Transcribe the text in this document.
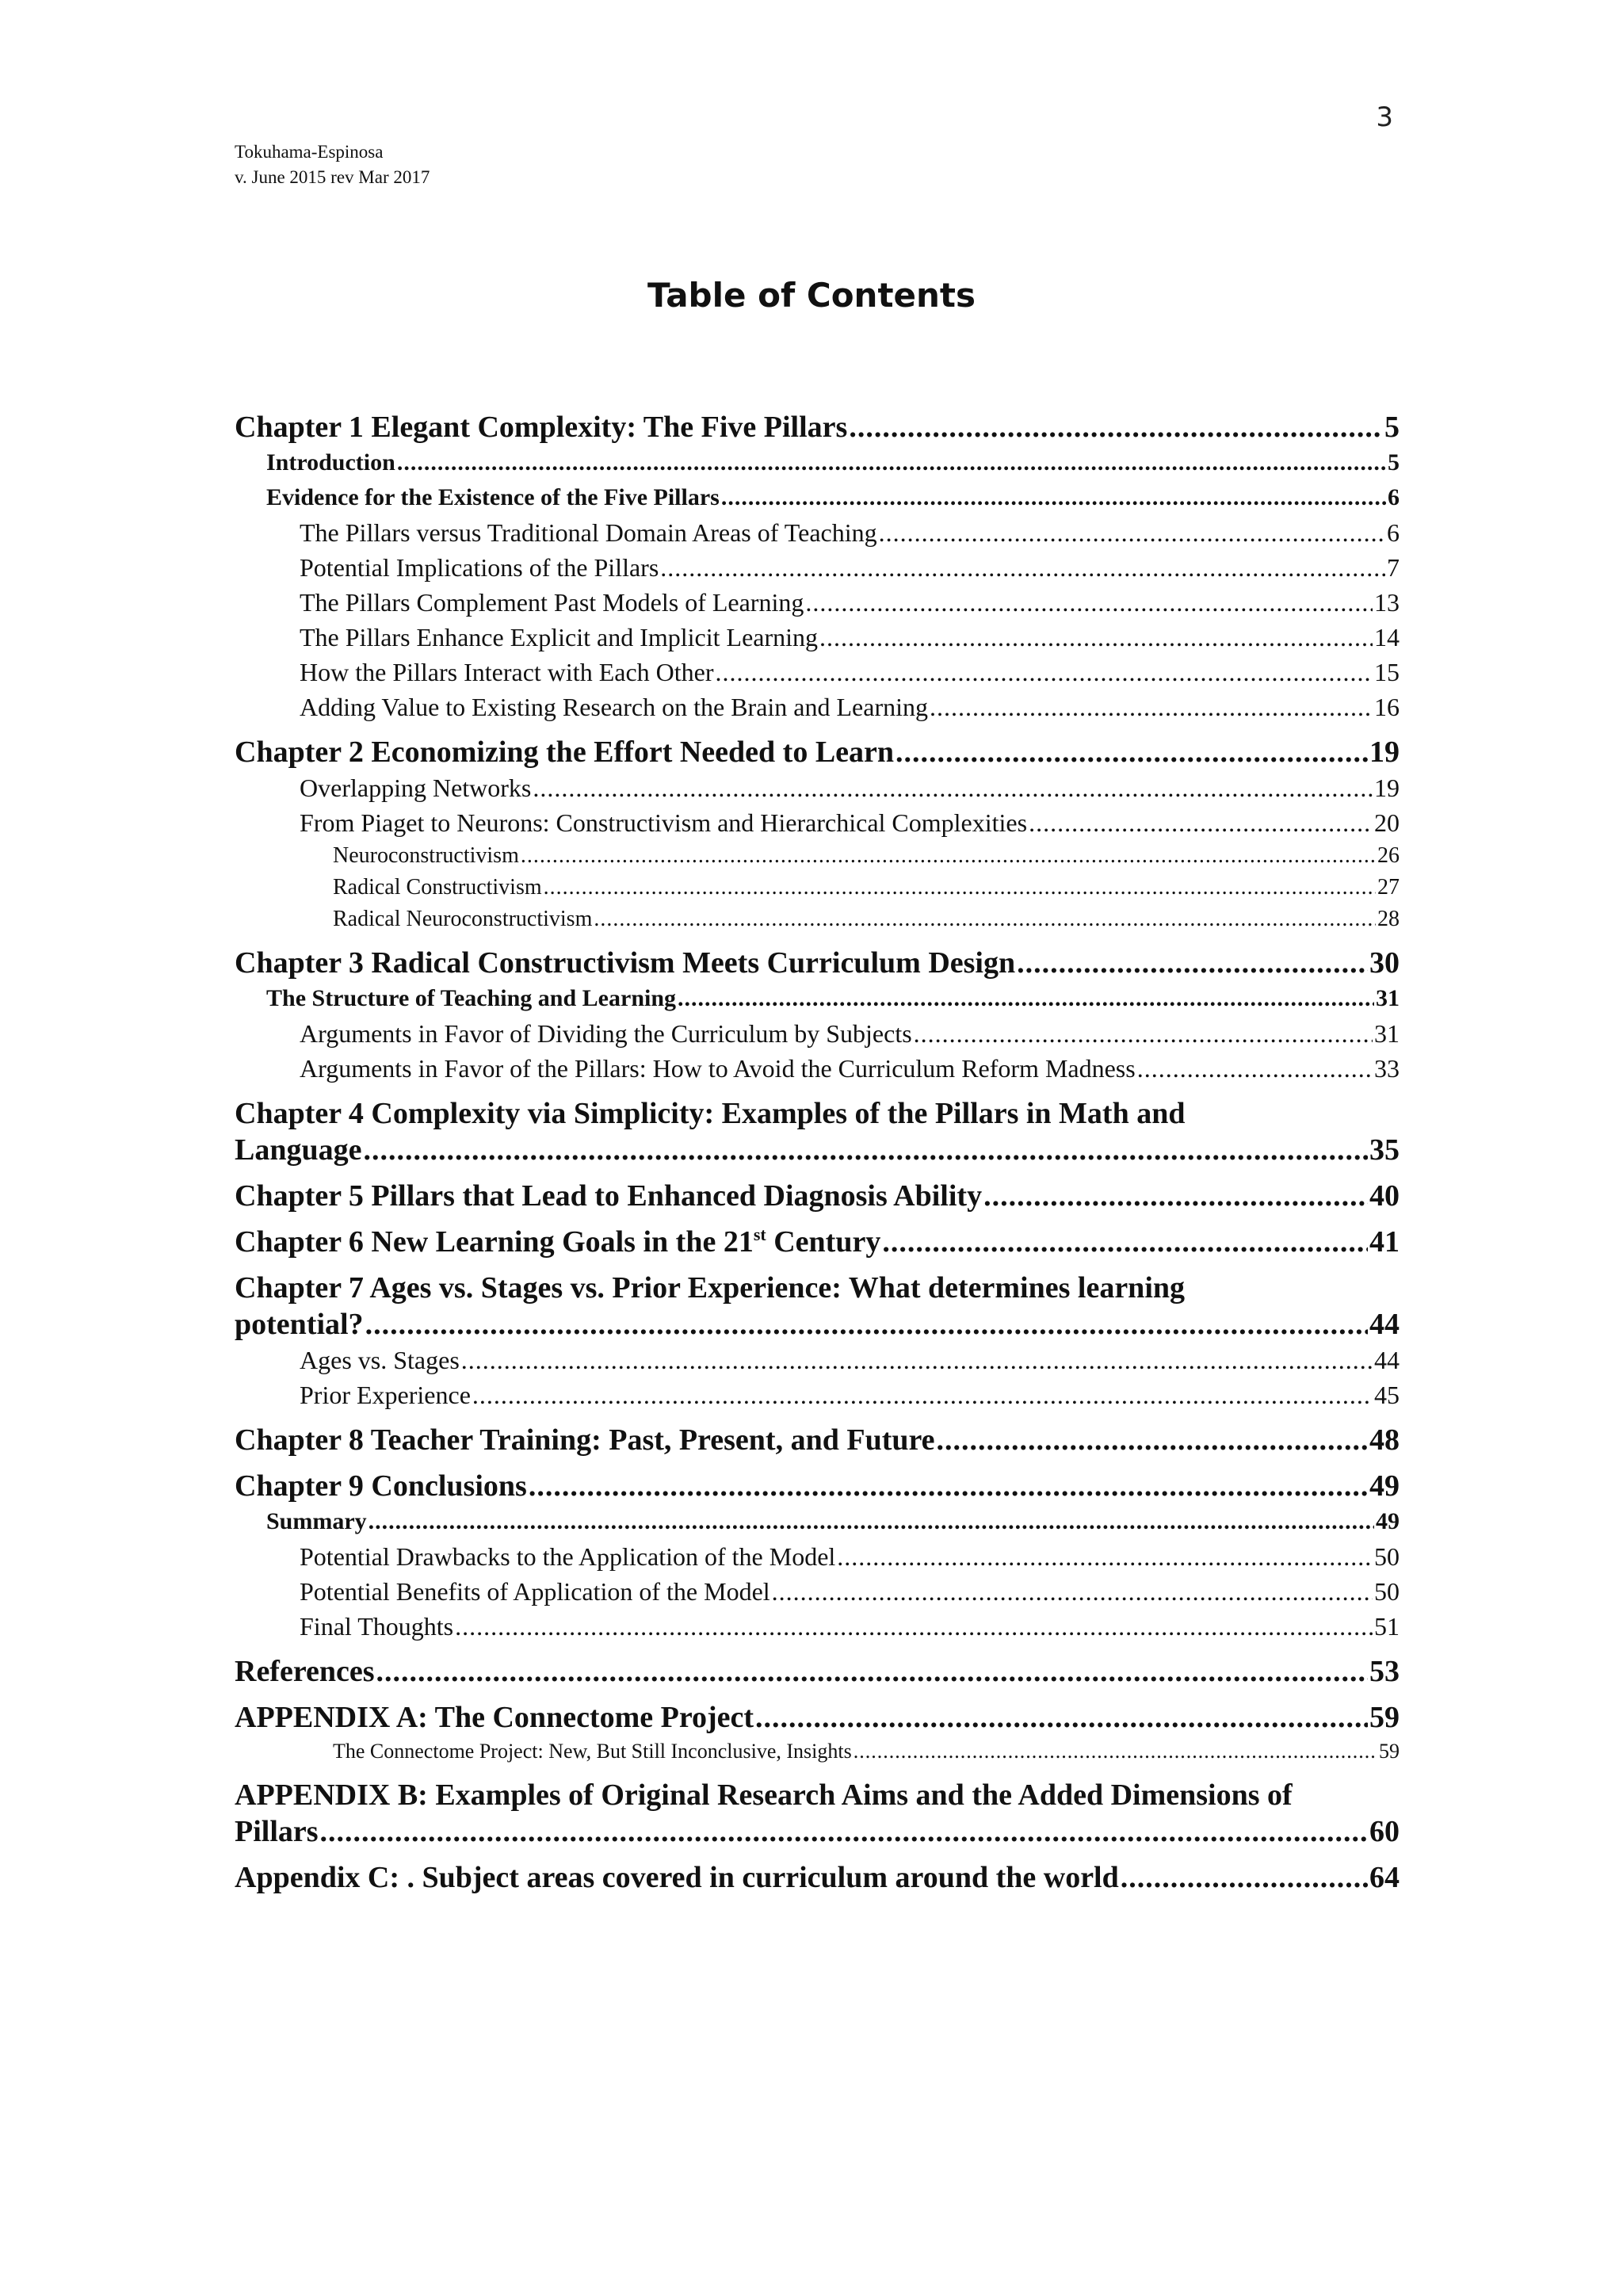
3
Tokuhama-Espinosa
v. June 2015 rev Mar 2017
Table of Contents
Chapter 1 Elegant Complexity: The Five Pillars .....	5
Introduction .....	5
Evidence for the Existence of the Five Pillars .....	6
The Pillars versus Traditional Domain Areas of Teaching .....	6
Potential Implications of the Pillars .....	7
The Pillars Complement Past Models of Learning .....	13
The Pillars Enhance Explicit and Implicit Learning .....	14
How the Pillars Interact with Each Other .....	15
Adding Value to Existing Research on the Brain and Learning .....	16
Chapter 2 Economizing the Effort Needed to Learn .....	19
Overlapping Networks .....	19
From Piaget to Neurons: Constructivism and Hierarchical Complexities .....	20
Neuroconstructivism .....	26
Radical Constructivism .....	27
Radical Neuroconstructivism .....	28
Chapter 3 Radical Constructivism Meets Curriculum Design .....	30
The Structure of Teaching and Learning .....	31
Arguments in Favor of Dividing the Curriculum by Subjects .....	31
Arguments in Favor of the Pillars: How to Avoid the Curriculum Reform Madness .....	33
Chapter 4 Complexity via Simplicity: Examples of the Pillars in Math and
Language .....	35
Chapter 5 Pillars that Lead to Enhanced Diagnosis Ability .....	40
Chapter 6 New Learning Goals in the 21st Century .....	41
Chapter 7 Ages vs. Stages vs. Prior Experience: What determines learning
potential? .....	44
Ages vs. Stages .....	44
Prior Experience .....	45
Chapter 8 Teacher Training: Past, Present, and Future .....	48
Chapter 9 Conclusions .....	49
Summary .....	49
Potential Drawbacks to the Application of the Model .....	50
Potential Benefits of Application of the Model .....	50
Final Thoughts .....	51
References .....	53
APPENDIX A: The Connectome Project .....	59
The Connectome Project: New, But Still Inconclusive, Insights .....	59
APPENDIX B: Examples of Original Research Aims and the Added Dimensions of
Pillars .....	60
Appendix C: . Subject areas covered in curriculum around the world .....	64
